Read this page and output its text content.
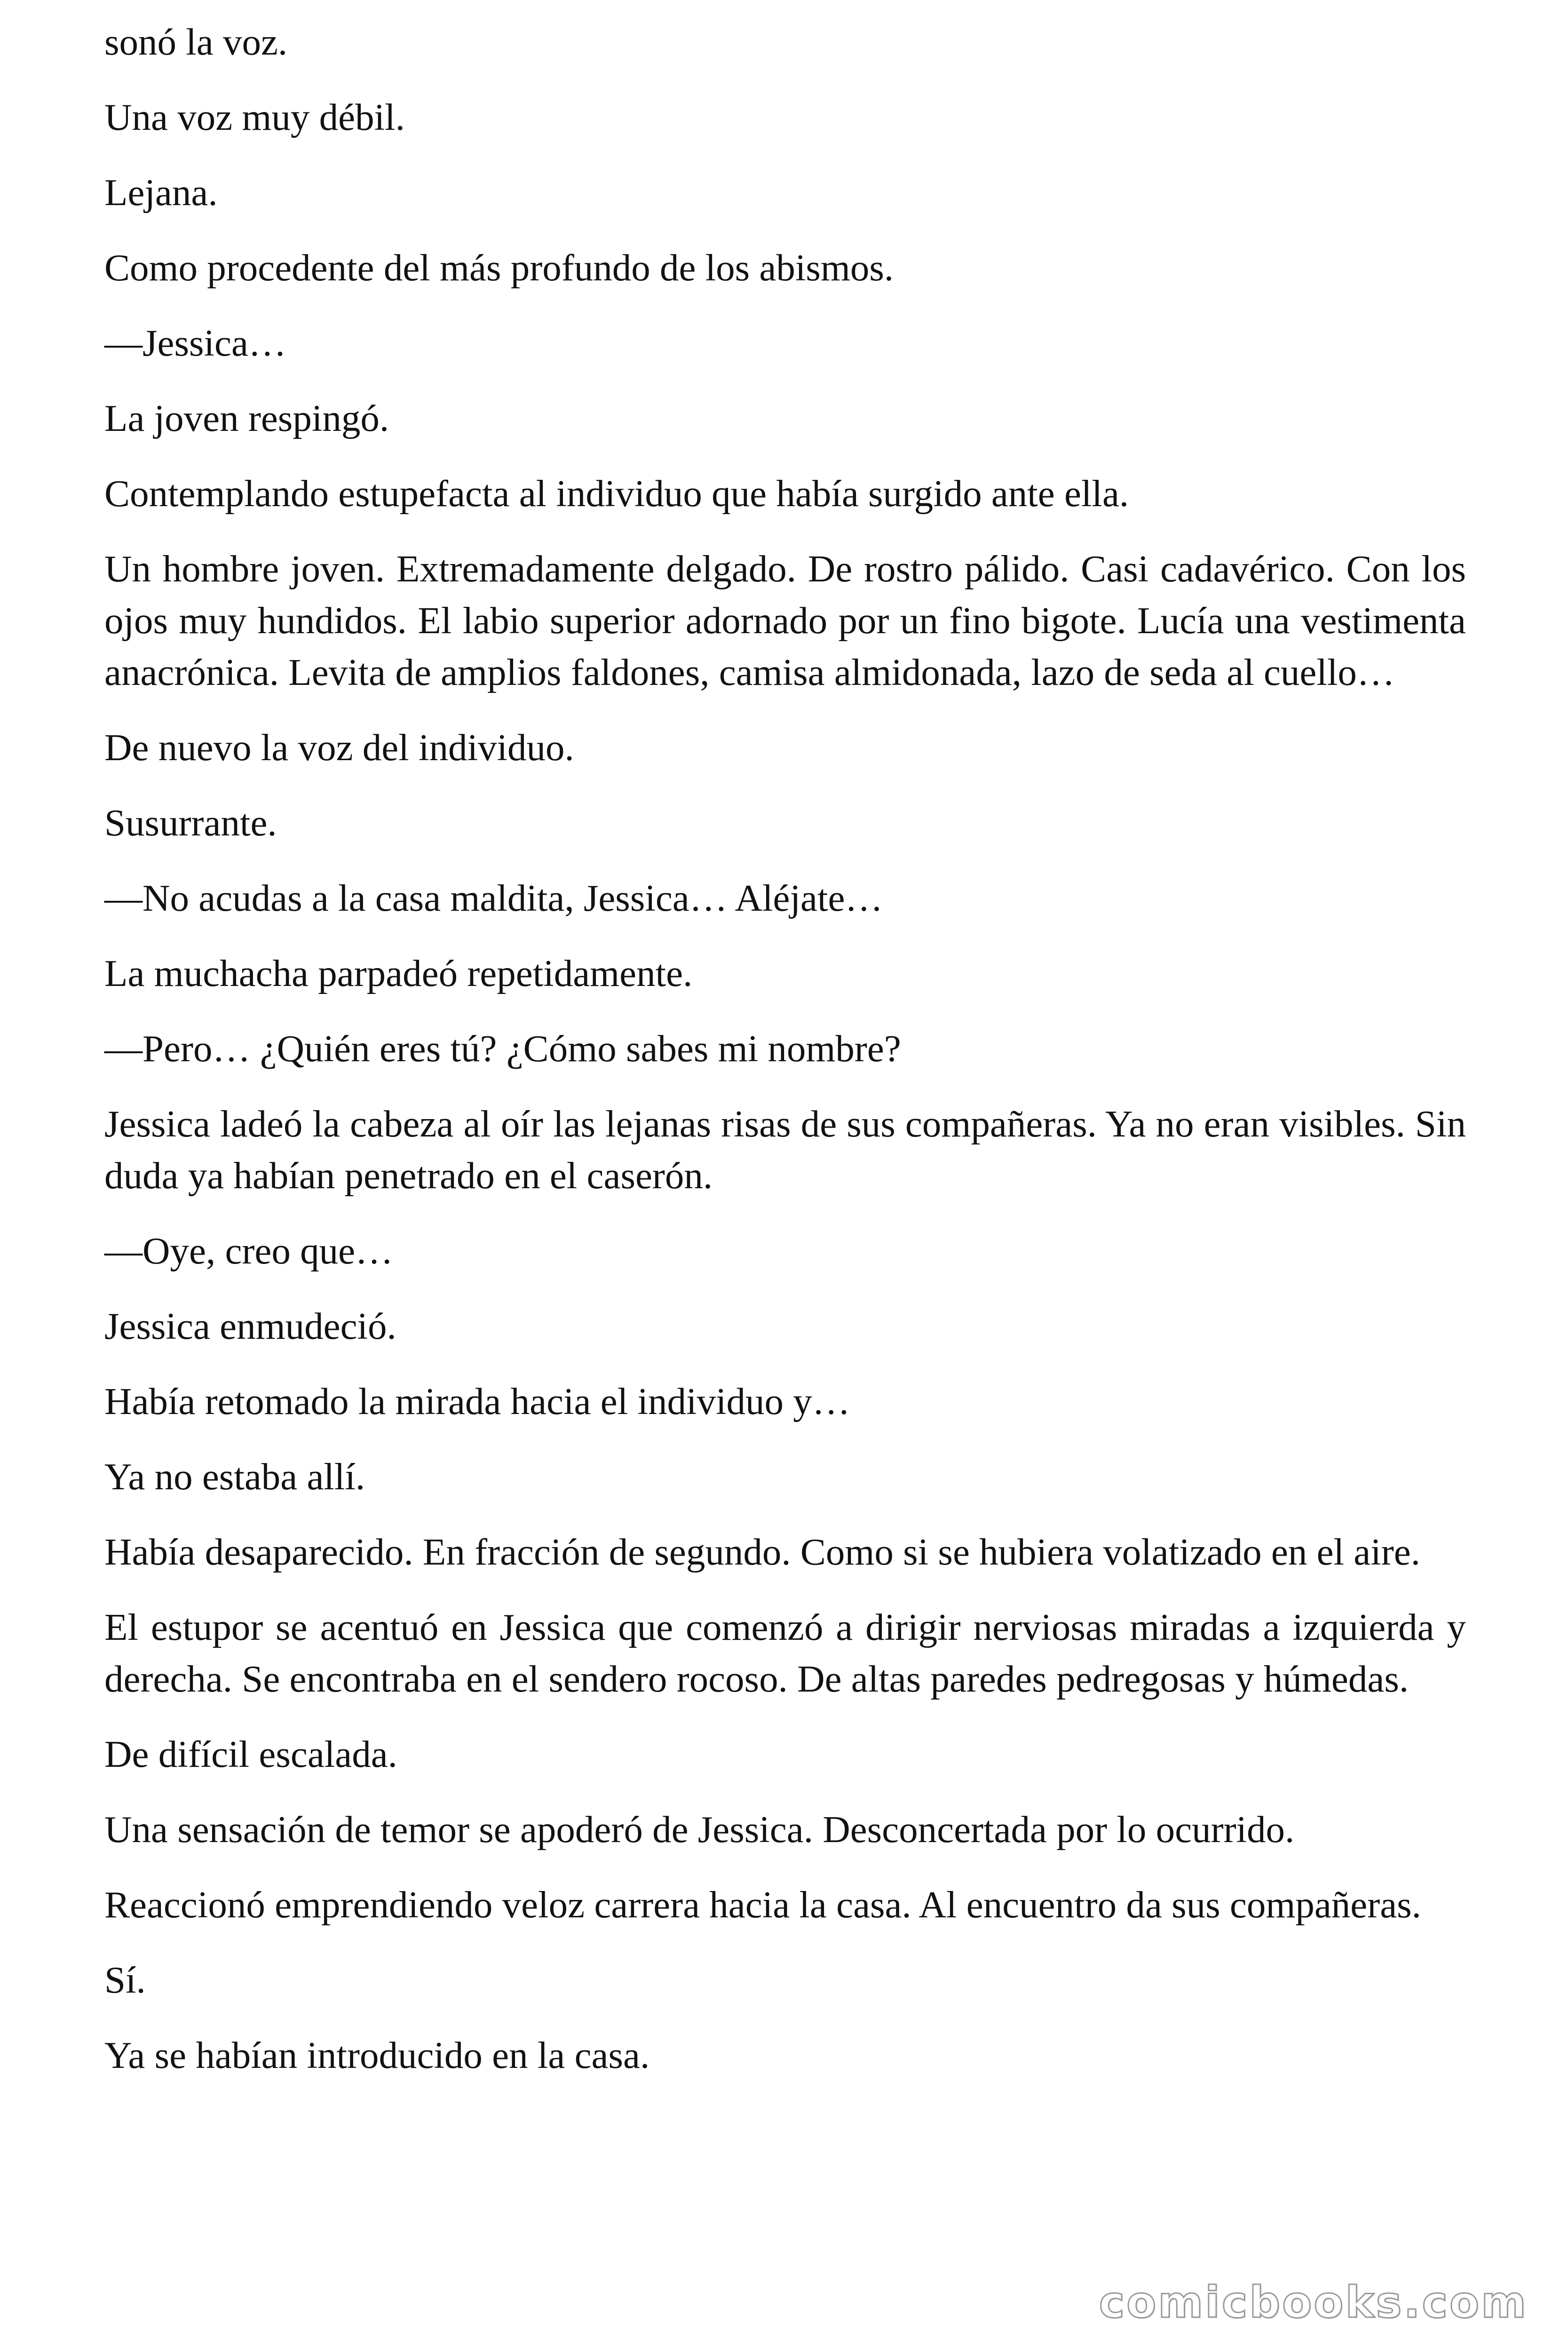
sonó la voz.

Una voz muy débil.

Lejana.

Como procedente del más profundo de los abismos.

—Jessica…

La joven respingó.

Contemplando estupefacta al individuo que había surgido ante ella.

Un hombre joven. Extremadamente delgado. De rostro pálido. Casi cadavérico. Con los ojos muy hundidos. El labio superior adornado por un fino bigote. Lucía una vestimenta anacrónica. Levita de amplios faldones, camisa almidonada, lazo de seda al cuello…

De nuevo la voz del individuo.

Susurrante.

—No acudas a la casa maldita, Jessica… Aléjate…

La muchacha parpadeó repetidamente.

—Pero… ¿Quién eres tú? ¿Cómo sabes mi nombre?

Jessica ladeó la cabeza al oír las lejanas risas de sus compañeras. Ya no eran visibles. Sin duda ya habían penetrado en el caserón.

—Oye, creo que…

Jessica enmudeció.

Había retomado la mirada hacia el individuo y…

Ya no estaba allí.

Había desaparecido. En fracción de segundo. Como si se hubiera volatizado en el aire.

El estupor se acentuó en Jessica que comenzó a dirigir nerviosas miradas a izquierda y derecha. Se encontraba en el sendero rocoso. De altas paredes pedregosas y húmedas.

De difícil escalada.

Una sensación de temor se apoderó de Jessica. Desconcertada por lo ocurrido.

Reaccionó emprendiendo veloz carrera hacia la casa. Al encuentro da sus compañeras.

Sí.

Ya se habían introducido en la casa.

comicbooks.com
